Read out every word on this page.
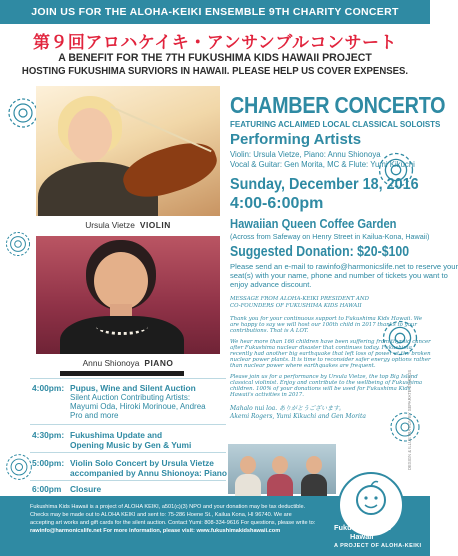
JOIN US FOR THE ALOHA-KEIKI ENSEMBLE 9TH CHARITY CONCERT
第９回アロハケイキ・アンサンブルコンサート
A BENEFIT FOR THE 7TH FUKUSHIMA KIDS HAWAII PROJECT
HOSTING FUKUSHIMA SURVIORS IN HAWAII. PLEASE HELP US COVER EXPENSES.
Ursula Vietze VIOLIN
Annu Shionoya PIANO
CHAMBER CONCERTO
FEATURING ACLAIMED LOCAL CLASSICAL SOLOISTS
Performing Artists
Violin: Ursula Vietze, Piano: Annu Shionoya
Vocal & Guitar: Gen Morita, MC & Flute: Yumi Kikuchi
Sunday, December 18, 2016
4:00-6:00pm
Hawaiian Queen Coffee Garden
(Across from Safeway on Henry Street in Kailua-Kona, Hawaii)
Suggested Donation: $20-$100
Please send an e-mail to rawinfo@harmonicslife.net to reserve your
seat(s) with your name, phone and number of tickets you want to
enjoy advance discount.
MESSAGE FROM ALOHA-KEIKI PRESIDENT AND
CO-FOUNDERS OF FUKUSHIMA KIDS HAWAII
Thank you for your continuous support to Fukushima Kids Hawaii. We
are happy to say we will host our 100th child in 2017 thanks to your
contributions. That is A LOT.
We hear more than 166 children have been suffering from thyroid cancer
after Fukushima nuclear disaster that continues today. Fukushima
recently had another big earthquake that left loss of power at the broken
nuclear power plants. It is time to reconsider safer energy options rather
than nuclear power where earthquakes are frequent.
Please join us for a performance by Ursula Vietze, the top Big Island
classical violinist. Enjoy and contribute to the wellbeing of Fukushima
children. 100% of your donations will be used for Fukushima Kids
Hawaii's activities in 2017.
Mahalo nui loa. ありがとうございます。
Akemi Rogers, Yumi Kikuchi and Gen Morita
4:00pm: Pupus, Wine and Silent Auction
Silent Auction Contributing Artists:
Mayumi Oda, Hiroki Morinoue, Andrea
Pro and more
4:30pm: Fukushima Update and
Opening Music by Gen & Yumi
5:00pm: Violin Solo Concert by Ursula Vietze
accompanied by Annu Shionoya: Piano
6:00pm Closure
Fukushima Kids Hawaii is a project of ALOHA KEIKI, a501(c)(3) NPO and your donation may be tax deductible.
Checks may be made out to ALOHA KEIKI and sent to: 75-286 Hoene St., Kailua Kona, HI 96740. We are
accepting art works and gift cards for the silent auction. Contact Yumi: 808-334-9616 For questions, please write to:
rawinfo@harmonicslife.net For more information, please visit: www.fukushimakidshawaii.com	Fukushima Kids
Hawaii
A PROJECT OF ALOHA-KEIKI
DESIGN & ILLUSTRATION BY SEPARATE STUDIOS
